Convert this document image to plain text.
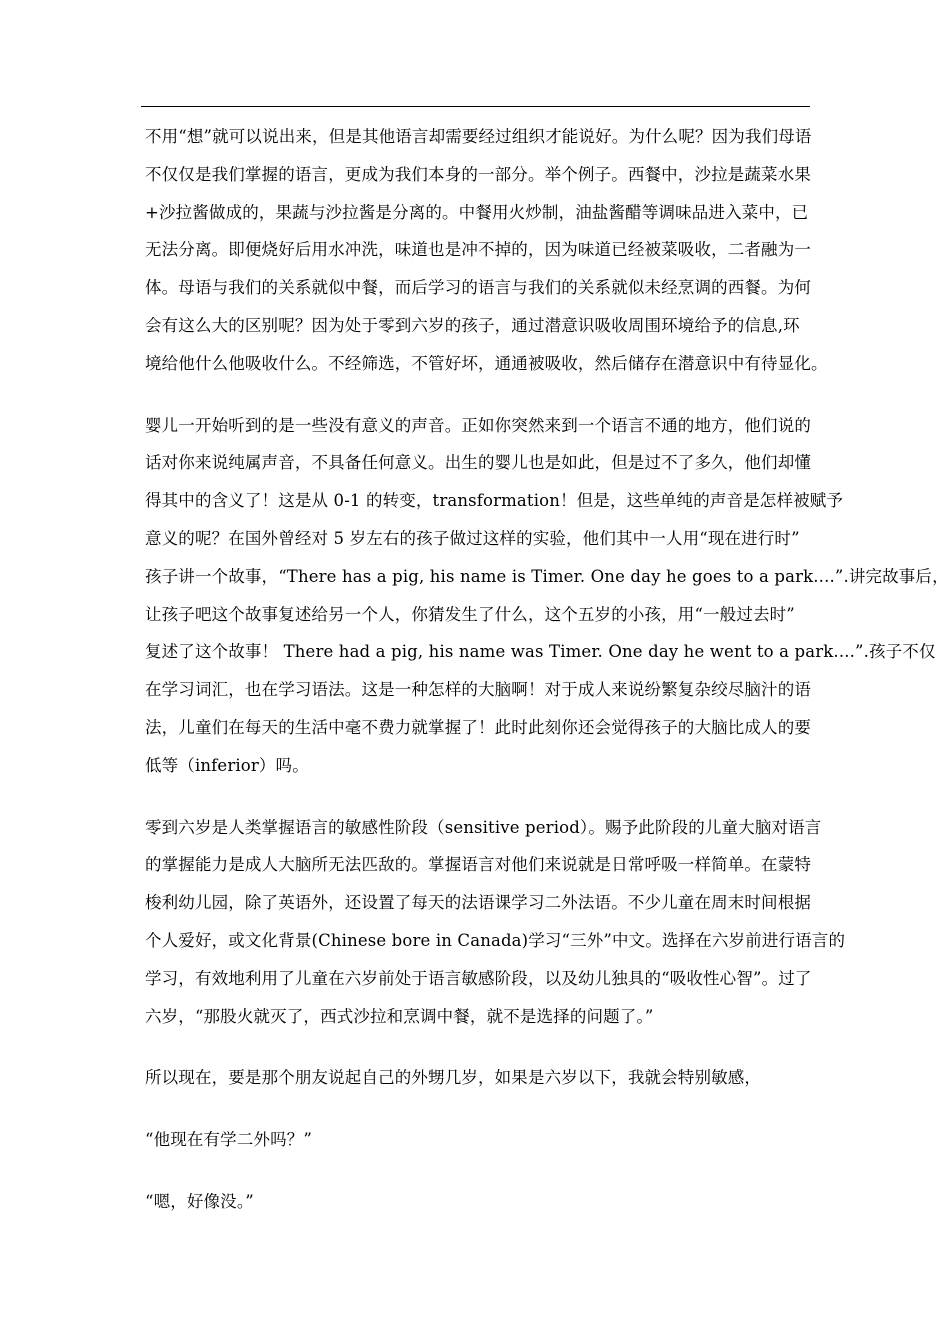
不用“想”就可以说出来，但是其他语言却需要经过组织才能说好。为什么呢？因为我们母语
不仅仅是我们掌握的语言，更成为我们本身的一部分。举个例子。西餐中，沙拉是蔬菜水果
+沙拉酱做成的，果蔬与沙拉酱是分离的。中餐用火炒制，油盐酱醋等调味品进入菜中，已
无法分离。即便烧好后用水冲洗，味道也是冲不掉的，因为味道已经被菜吸收，二者融为一
体。母语与我们的关系就似中餐，而后学习的语言与我们的关系就似未经烹调的西餐。为何
会有这么大的区别呢？因为处于零到六岁的孩子，通过潜意识吸收周围环境给予的信息,环
境给他什么他吸收什么。不经筛选，不管好坏，通通被吸收，然后储存在潜意识中有待显化。
婴儿一开始听到的是一些没有意义的声音。正如你突然来到一个语言不通的地方，他们说的
话对你来说纯属声音，不具备任何意义。出生的婴儿也是如此，但是过不了多久，他们却懂
得其中的含义了！这是从 0-1 的转变，transformation！但是，这些单纯的声音是怎样被赋予
意义的呢？在国外曾经对 5 岁左右的孩子做过这样的实验，他们其中一人用“现在进行时”
孩子讲一个故事，“There has a pig, his name is Timer. One day he goes to a park....”.讲完故事后，
让孩子吧这个故事复述给另一个人，你猜发生了什么，这个五岁的小孩，用“一般过去时”
复述了这个故事！ There had a pig, his name was Timer. One day he went to a park....”.孩子不仅
在学习词汇，也在学习语法。这是一种怎样的大脑啊！对于成人来说纷繁复杂绞尽脑汁的语
法，儿童们在每天的生活中毫不费力就掌握了！此时此刻你还会觉得孩子的大脑比成人的要
低等（inferior）吗。
零到六岁是人类掌握语言的敏感性阶段（sensitive period）。赐予此阶段的儿童大脑对语言
的掌握能力是成人大脑所无法匹敌的。掌握语言对他们来说就是日常呼吸一样简单。在蒙特
梭利幼儿园，除了英语外，还设置了每天的法语课学习二外法语。不少儿童在周末时间根据
个人爱好，或文化背景(Chinese bore in Canada)学习“三外”中文。选择在六岁前进行语言的
学习，有效地利用了儿童在六岁前处于语言敏感阶段，以及幼儿独具的“吸收性心智”。过了
六岁，“那股火就灭了，西式沙拉和烹调中餐，就不是选择的问题了。”
所以现在，要是那个朋友说起自己的外甥几岁，如果是六岁以下，我就会特别敏感，
“他现在有学二外吗？”
“嗯，好像没。”
